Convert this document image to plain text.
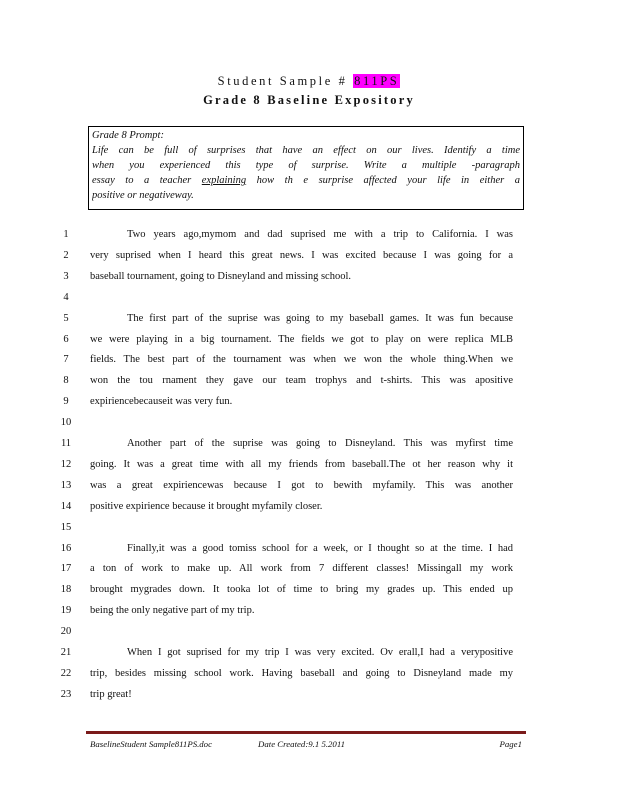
Student Sample # 811PS
Grade 8 Baseline Expository
Grade 8 Prompt:
Life can be full of surprises that have an effect on our lives. Identify a time
when you experienced this type of surprise. Write a multiple -paragraph
essay to a teacher explaining how th e surprise affected your life in either a
positive or negativeway.
1	Two years ago,mymom and dad suprised me with a trip to California. I was
2	very suprised when I heard this great news. I was excited because I was going for a
3	baseball tournament, going to Disneyland and missing school.
4
5	The first part of the suprise was going to my baseball games. It was fun because
6	we were playing in a big tournament. The fields we got to play on were replica MLB
7	fields. The best part of the tournament was when we won the whole thing.When we
8	won the tou rnament they gave our team trophys and t-shirts. This was apositive
9	expiriencebecauseit was very fun.
10
11	Another part of the suprise was going to Disneyland. This was myfirst time
12 going. It was a great time with all my friends from baseball.The ot her reason why it
13 was a great expiriencewas because I got to bewith myfamily. This was another
14 positive expirience because it brought myfamily closer.
15
16	Finally,it was a good tomiss school for a week, or I thought so at the time. I had
17 a ton of work to make up. All work from 7 different classes! Missingall my work
18 brought mygrades down. It tooka lot of time to bring my grades up. This ended up
19 being the only negative part of my trip.
20
21	When I got suprised for my trip I was very excited. Ov erall,I had a verypositive
22 trip, besides missing school work. Having baseball and going to Disneyland made my
23 trip great!
BaselineStudent Sample811PS.doc	Date Created:9.1 5.2011	Page1
